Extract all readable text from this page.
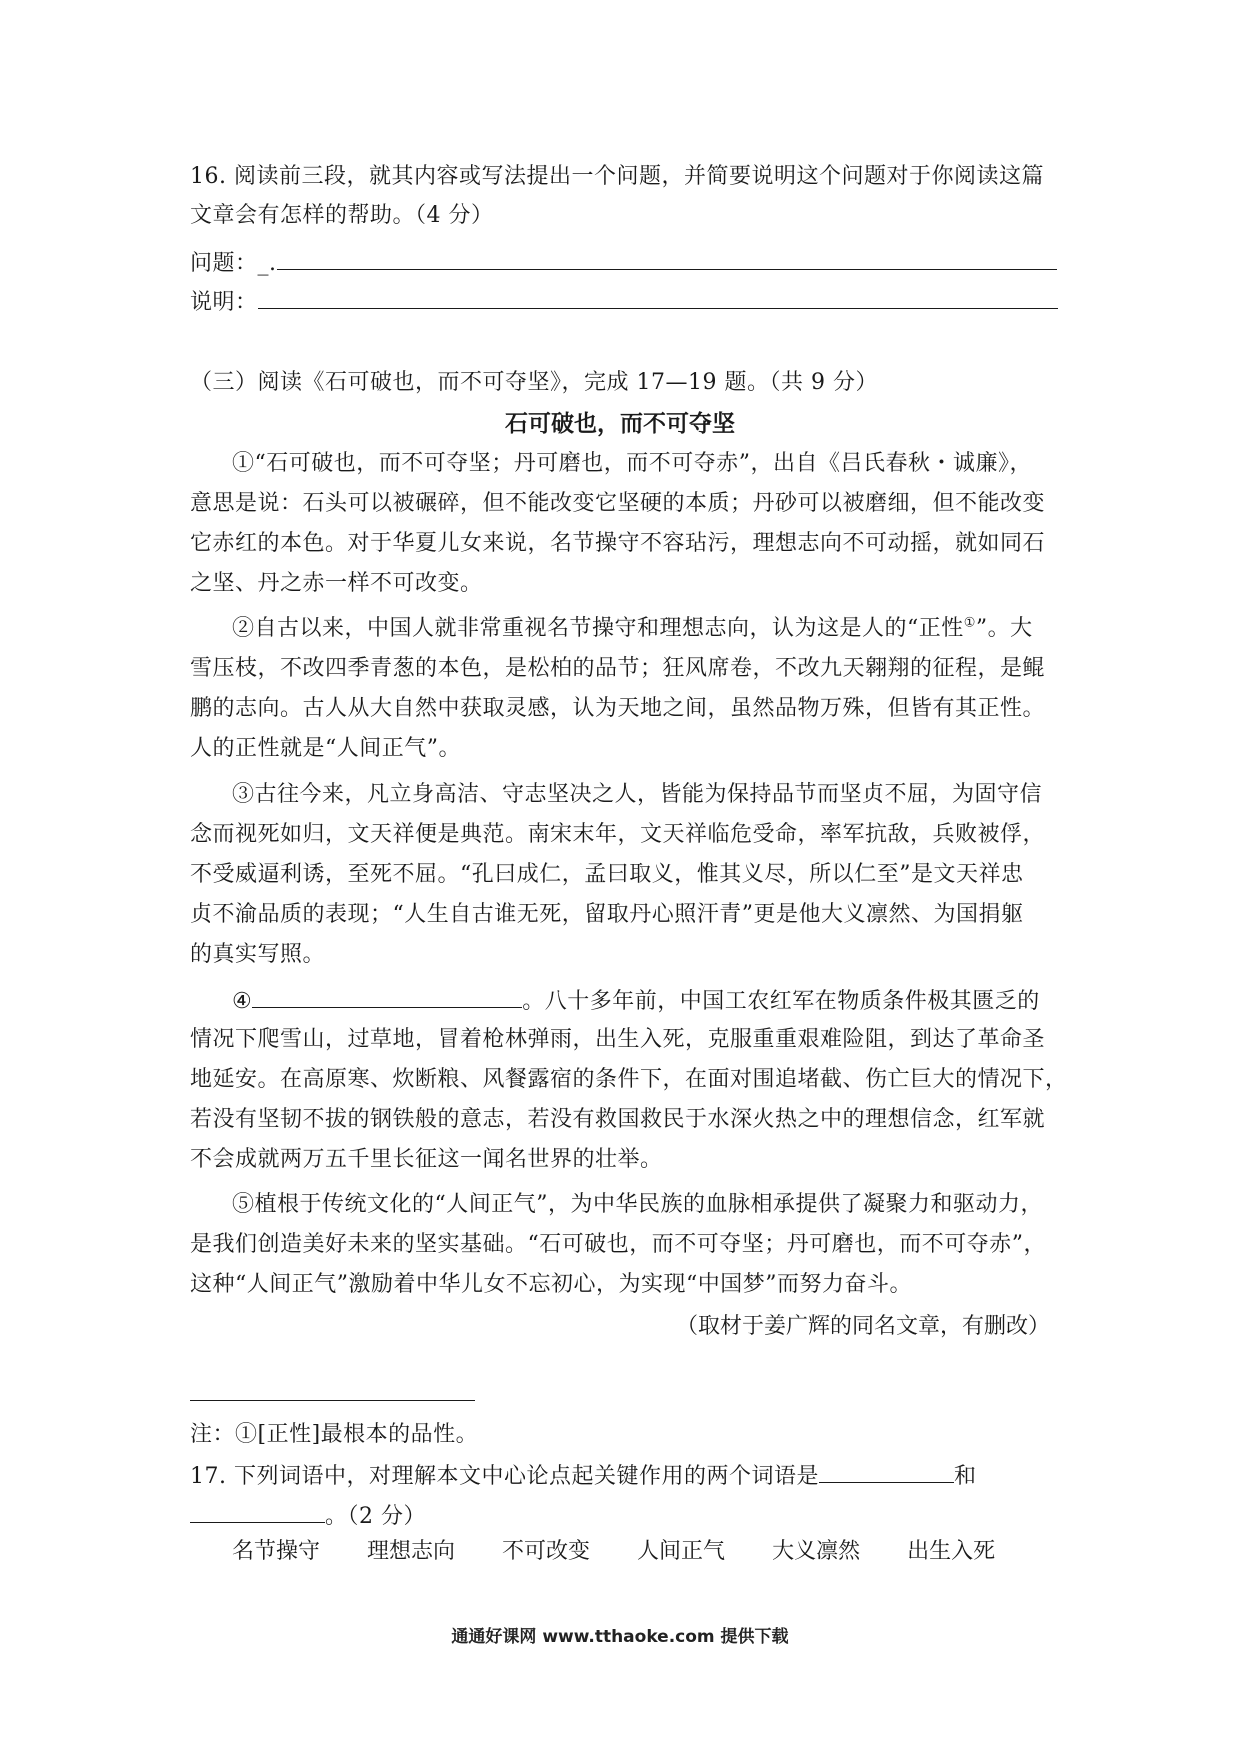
16. 阅读前三段，就其内容或写法提出一个问题，并简要说明这个问题对于你阅读这篇
文章会有怎样的帮助。（4 分）
问题：_.
说明：
（三）阅读《石可破也，而不可夺坚》，完成 17—19 题。（共 9 分）
石可破也，而不可夺坚
①“石可破也，而不可夺坚；丹可磨也，而不可夺赤”，出自《吕氏春秋・诚廉》，
意思是说：石头可以被碾碎，但不能改变它坚硬的本质；丹砂可以被磨细，但不能改变
它赤红的本色。对于华夏儿女来说，名节操守不容玷污，理想志向不可动摇，就如同石
之坚、丹之赤一样不可改变。
②自古以来，中国人就非常重视名节操守和理想志向，认为这是人的“正性①”。大
雪压枝，不改四季青葱的本色，是松柏的品节；狂风席卷，不改九天翱翔的征程，是鲲
鹏的志向。古人从大自然中获取灵感，认为天地之间，虽然品物万殊，但皆有其正性。
人的正性就是“人间正气”。
③古往今来，凡立身高洁、守志坚决之人，皆能为保持品节而坚贞不屈，为固守信
念而视死如归，文天祥便是典范。南宋末年，文天祥临危受命，率军抗敌，兵败被俘，
不受威逼利诱，至死不屈。“孔曰成仁，孟曰取义，惟其义尽，所以仁至”是文天祥忠
贞不渝品质的表现；“人生自古谁无死，留取丹心照汗青”更是他大义凛然、为国捐躯
的真实写照。
④	。八十多年前，中国工农红军在物质条件极其匮乏的
情况下爬雪山，过草地，冒着枪林弹雨，出生入死，克服重重艰难险阻，到达了革命圣
地延安。在高原寒、炊断粮、风餐露宿的条件下，在面对围追堵截、伤亡巨大的情况下，
若没有坚韧不拔的钢铁般的意志，若没有救国救民于水深火热之中的理想信念，红军就
不会成就两万五千里长征这一闻名世界的壮举。
⑤植根于传统文化的“人间正气”，为中华民族的血脉相承提供了凝聚力和驱动力，
是我们创造美好未来的坚实基础。“石可破也，而不可夺坚；丹可磨也，而不可夺赤”，
这种“人间正气”激励着中华儿女不忘初心，为实现“中国梦”而努力奋斗。
（取材于姜广辉的同名文章，有删改）
注：①[正性]最根本的品性。
17. 下列词语中，对理解本文中心论点起关键作用的两个词语是	和
。（2 分）
名节操守 理想志向 不可改变 人间正气 大义凛然 出生入死
通通好课网 www.tthaoke.com 提供下载
